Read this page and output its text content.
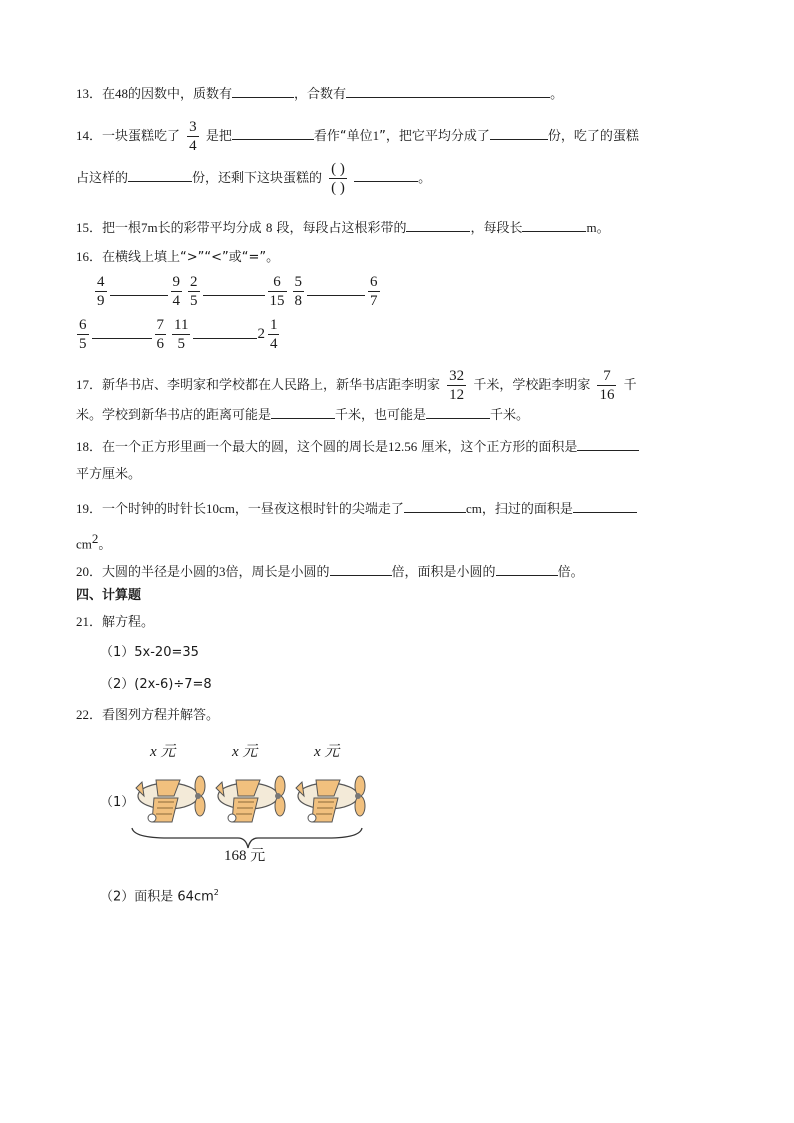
13．在48的因数中，质数有	，合数有	。
14．一块蛋糕吃了 $\frac{3}{4}$ 是把	看作“单位1”，把它平均分成了	份，吃了的蛋糕
占这样的	份，还剩下这块蛋糕的 $\frac{( )}{( )}$	。
15．把一根7m长的彩带平均分成 8 段，每段占这根彩带的	，每段长	m。
16．在横线上填上“>”“<”或“=”。
$\frac{4}{9}$	$\frac{9}{4} \frac{2}{5}$	$\frac{6}{15} \frac{5}{8}$	$\frac{6}{7}$
$\frac{6}{5}$	$\frac{7}{6} \frac{11}{5}$	$2 \frac{1}{4}$
17．新华书店、李明家和学校都在人民路上，新华书店距李明家 $\frac{32}{12}$ 千米，学校距李明家 $\frac{7}{16}$ 千
米。学校到新华书店的距离可能是	千米，也可能是	千米。
18．在一个正方形里画一个最大的圆，这个圆的周长是12.56 厘米，这个正方形的面积是
平方厘米。
19．一个时钟的时针长10cm，一昼夜这根时针的尖端走了	cm，扫过的面积是
$cm^2$。
20．大圆的半径是小圆的3倍，周长是小圆的	倍，面积是小圆的	倍。
四、计算题
21．解方程。
（1）5x-20=35
（2）(2x-6)÷7=8
22．看图列方程并解答。
（1）
x 元	x 元	x 元
168 元
（2）面积是 $64cm^2$
